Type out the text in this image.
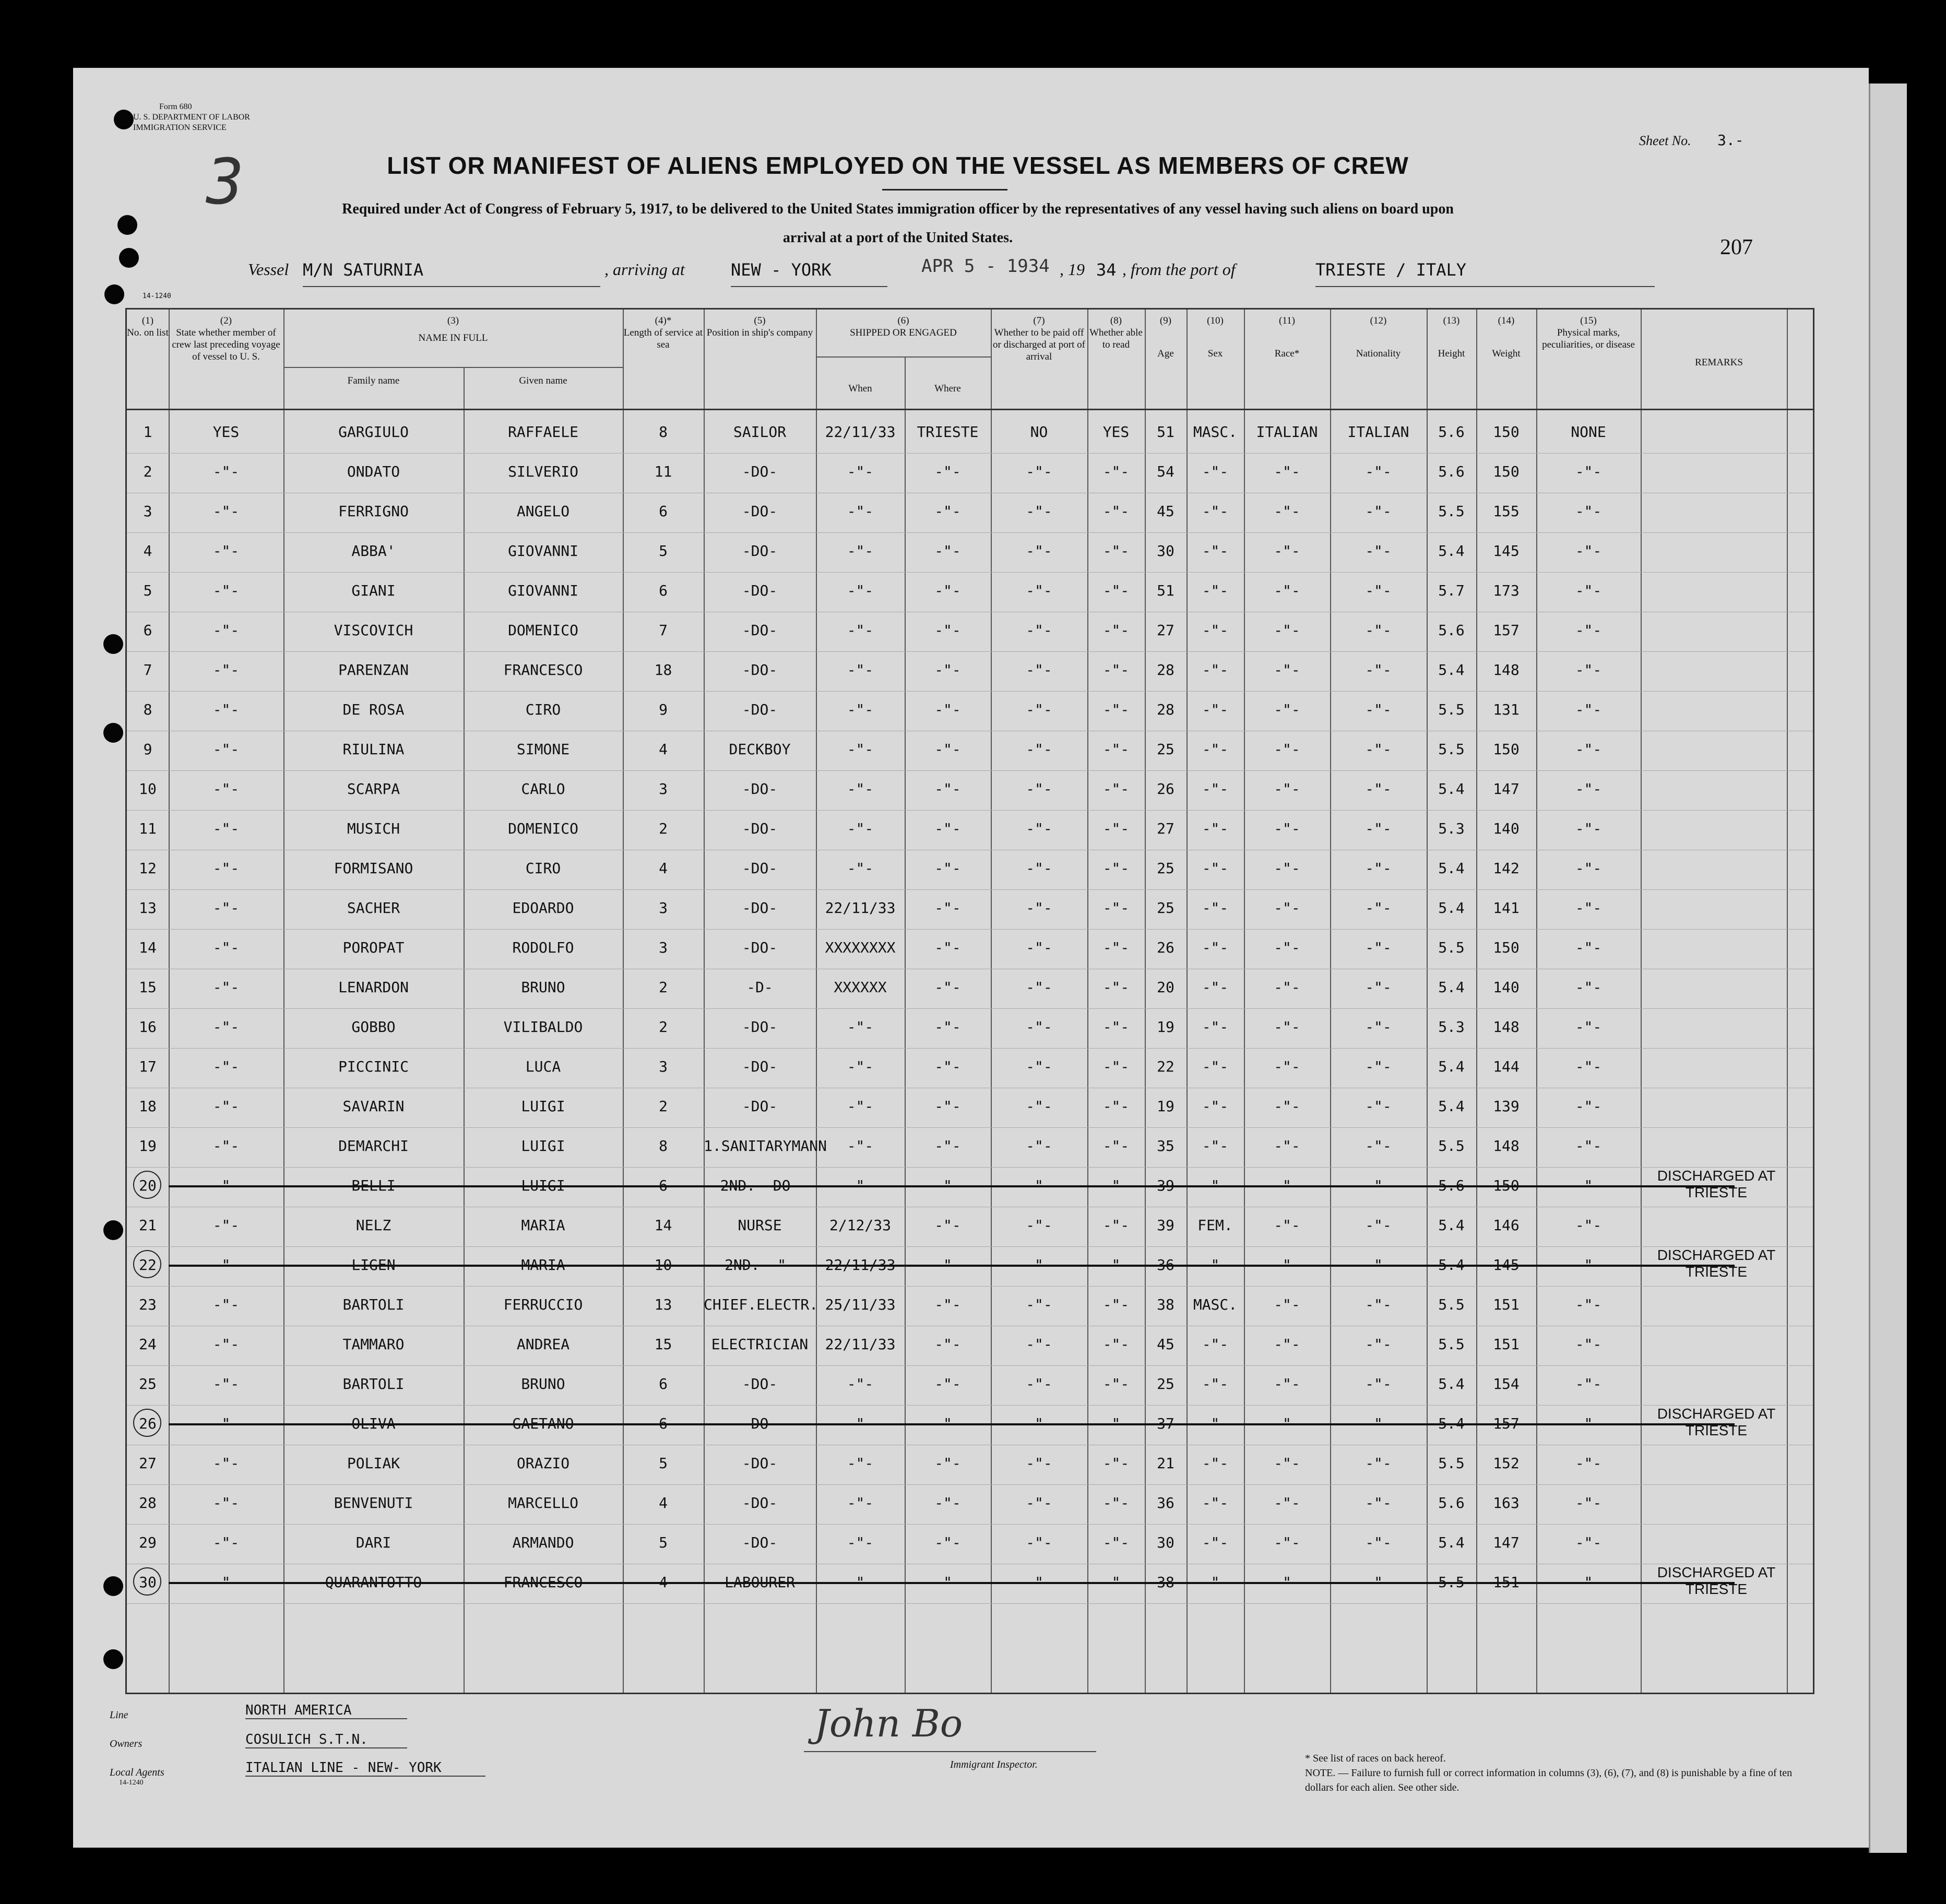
Form 680
U. S. DEPARTMENT OF LABOR
IMMIGRATION SERVICE
3
Sheet No. 3.-
207
LIST OR MANIFEST OF ALIENS EMPLOYED ON THE VESSEL AS MEMBERS OF CREW
Required under Act of Congress of February 5, 1917, to be delivered to the United States immigration officer by the representatives of any vessel having such aliens on board upon
arrival at a port of the United States.
Vessel M/N SATURNIA	, arriving at	NEW - YORK	APR 5 - 1934 , 19 34 , from the port of	TRIESTE / ITALY
14-1240
(1)
No. on list
(2)
State whether member of crew last preceding voyage of vessel to U. S.
(3)
NAME IN FULL
Family name	Given name
(4)*
Length of service at sea
(5)
Position in ship's company
(6)
SHIPPED OR ENGAGED
When	Where
(7)
Whether to be paid off or discharged at port of arrival
(8)
Whether able to read
(9)
Age
(10)
Sex
(11)
Race*
(12)
Nationality
(13)
Height
(14)
Weight
(15)
Physical marks, peculiarities, or disease
REMARKS
1	YES	GARGIULO	RAFFAELE	8	SAILOR	22/11/33	TRIESTE	NO	YES	51	MASC.	ITALIAN	ITALIAN	5.6	150	NONE
2	-"-	ONDATO	SILVERIO	11	-DO-	-"-	-"-	-"-	-"-	54	-"-	-"-	-"-	5.6	150	-"-
3	-"-	FERRIGNO	ANGELO	6	-DO-	-"-	-"-	-"-	-"-	45	-"-	-"-	-"-	5.5	155	-"-
4	-"-	ABBA'	GIOVANNI	5	-DO-	-"-	-"-	-"-	-"-	30	-"-	-"-	-"-	5.4	145	-"-
5	-"-	GIANI	GIOVANNI	6	-DO-	-"-	-"-	-"-	-"-	51	-"-	-"-	-"-	5.7	173	-"-
6	-"-	VISCOVICH	DOMENICO	7	-DO-	-"-	-"-	-"-	-"-	27	-"-	-"-	-"-	5.6	157	-"-
7	-"-	PARENZAN	FRANCESCO	18	-DO-	-"-	-"-	-"-	-"-	28	-"-	-"-	-"-	5.4	148	-"-
8	-"-	DE ROSA	CIRO	9	-DO-	-"-	-"-	-"-	-"-	28	-"-	-"-	-"-	5.5	131	-"-
9	-"-	RIULINA	SIMONE	4	DECKBOY	-"-	-"-	-"-	-"-	25	-"-	-"-	-"-	5.5	150	-"-
10	-"-	SCARPA	CARLO	3	-DO-	-"-	-"-	-"-	-"-	26	-"-	-"-	-"-	5.4	147	-"-
11	-"-	MUSICH	DOMENICO	2	-DO-	-"-	-"-	-"-	-"-	27	-"-	-"-	-"-	5.3	140	-"-
12	-"-	FORMISANO	CIRO	4	-DO-	-"-	-"-	-"-	-"-	25	-"-	-"-	-"-	5.4	142	-"-
13	-"-	SACHER	EDOARDO	3	-DO-	22/11/33	-"-	-"-	-"-	25	-"-	-"-	-"-	5.4	141	-"-
14	-"-	POROPAT	RODOLFO	3	-DO-	XXXXXXXX	-"-	-"-	-"-	26	-"-	-"-	-"-	5.5	150	-"-
15	-"-	LENARDON	BRUNO	2	-D-	XXXXXX	-"-	-"-	-"-	20	-"-	-"-	-"-	5.4	140	-"-
16	-"-	GOBBO	VILIBALDO	2	-DO-	-"-	-"-	-"-	-"-	19	-"-	-"-	-"-	5.3	148	-"-
17	-"-	PICCINIC	LUCA	3	-DO-	-"-	-"-	-"-	-"-	22	-"-	-"-	-"-	5.4	144	-"-
18	-"-	SAVARIN	LUIGI	2	-DO-	-"-	-"-	-"-	-"-	19	-"-	-"-	-"-	5.4	139	-"-
19	-"-	DEMARCHI	LUIGI	8	1.SANITARYMANN	-"-	-"-	-"-	-"-	35	-"-	-"-	-"-	5.5	148	-"-
20	-"-	BELLI	LUIGI	6	2ND. -DO-	-"-	-"-	-"-	-"-	39	-"-	-"-	-"-	5.6	150	-"-
DISCHARGED AT TRIESTE
21	-"-	NELZ	MARIA	14	NURSE	2/12/33	-"-	-"-	-"-	39	FEM.	-"-	-"-	5.4	146	-"-
22	-"-	LIGEN	MARIA	10	2ND. -"-	22/11/33	-"-	-"-	-"-	36	-"-	-"-	-"-	5.4	145	-"-
DISCHARGED AT TRIESTE
23	-"-	BARTOLI	FERRUCCIO	13	CHIEF.ELECTR. 25/11/33	-"-	-"-	-"-	38	MASC.	-"-	-"-	5.5	151	-"-
24	-"-	TAMMARO	ANDREA	15	ELECTRICIAN	22/11/33	-"-	-"-	-"-	45	-"-	-"-	-"-	5.5	151	-"-
25	-"-	BARTOLI	BRUNO	6	-DO-	-"-	-"-	-"-	-"-	25	-"-	-"-	-"-	5.4	154	-"-
26	-"-	OLIVA	GAETANO	6	-DO-	-"-	-"-	-"-	-"-	37	-"-	-"-	-"-	5.4	157	-"-
DISCHARGED AT TRIESTE
27	-"-	POLIAK	ORAZIO	5	-DO-	-"-	-"-	-"-	-"-	21	-"-	-"-	-"-	5.5	152	-"-
28	-"-	BENVENUTI	MARCELLO	4	-DO-	-"-	-"-	-"-	-"-	36	-"-	-"-	-"-	5.6	163	-"-
29	-"-	DARI	ARMANDO	5	-DO-	-"-	-"-	-"-	-"-	30	-"-	-"-	-"-	5.4	147	-"-
30	"	QUARANTOTTO	FRANCESCO	4	LABOURER	"	"	"	"	38	"	"	"	5.5	151	-"-
DISCHARGED AT TRIESTE
Line	NORTH AMERICA
Owners	COSULICH S.T.N.
Local Agents	ITALIAN LINE - NEW- YORK
14-1240
John Bo
Immigrant Inspector.
* See list of races on back hereof.
NOTE. — Failure to furnish full or correct information in columns (3), (6), (7), and (8) is punishable by a fine of ten dollars for each alien. See other side.
